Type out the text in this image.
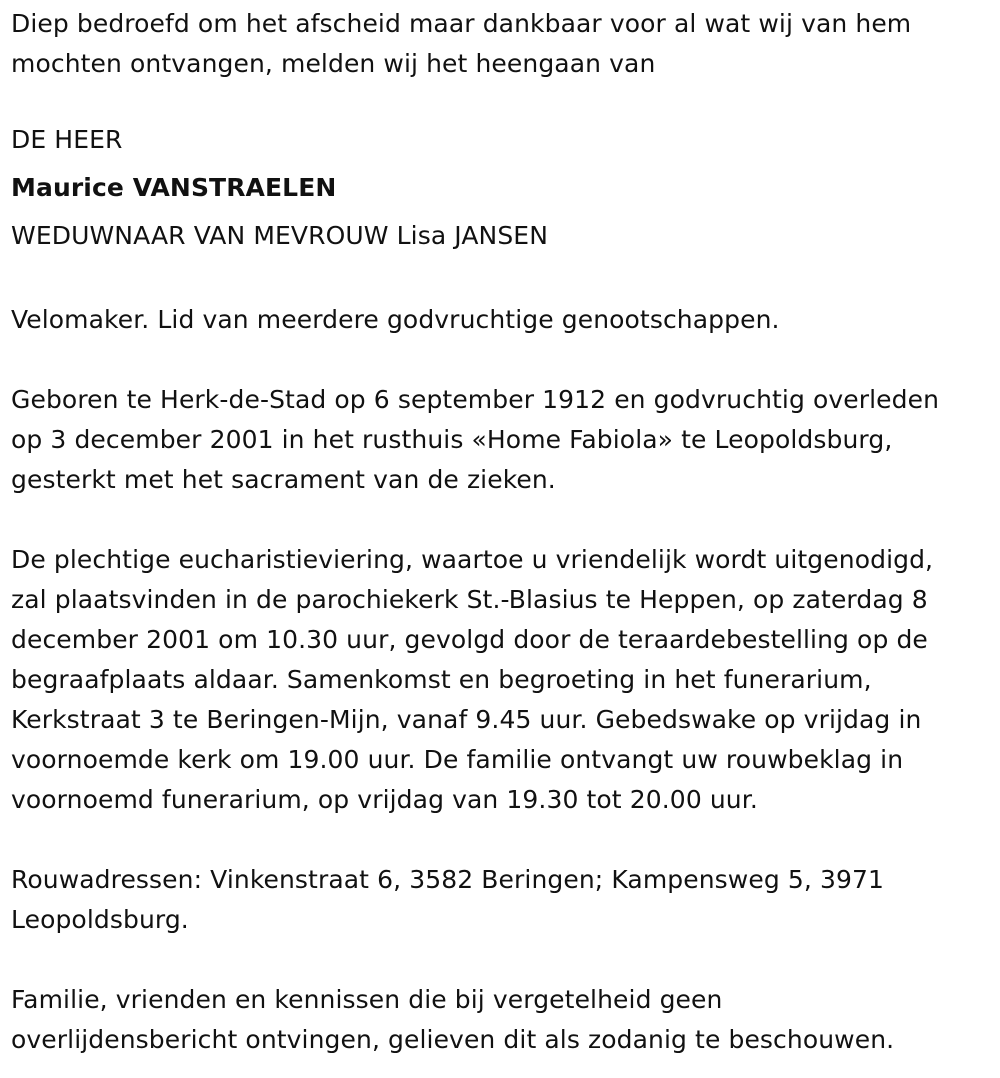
Diep bedroefd om het afscheid maar dankbaar voor al wat wij van hem
mochten ontvangen, melden wij het heengaan van

DE HEER

Maurice VANSTRAELEN

WEDUWNAAR VAN MEVROUW Lisa JANSEN

Velomaker. Lid van meerdere godvruchtige genootschappen.

Geboren te Herk-de-Stad op 6 september 1912 en godvruchtig overleden
op 3 december 2001 in het rusthuis «Home Fabiola» te Leopoldsburg,
gesterkt met het sacrament van de zieken.

De plechtige eucharistieviering, waartoe u vriendelijk wordt uitgenodigd,
zal plaatsvinden in de parochiekerk St.-Blasius te Heppen, op zaterdag 8
december 2001 om 10.30 uur, gevolgd door de teraardebestelling op de
begraafplaats aldaar. Samenkomst en begroeting in het funerarium,
Kerkstraat 3 te Beringen-Mijn, vanaf 9.45 uur. Gebedswake op vrijdag in
voornoemde kerk om 19.00 uur. De familie ontvangt uw rouwbeklag in
voornoemd funerarium, op vrijdag van 19.30 tot 20.00 uur.

Rouwadressen: Vinkenstraat 6, 3582 Beringen; Kampensweg 5, 3971
Leopoldsburg.

Familie, vrienden en kennissen die bij vergetelheid geen
overlijdensbericht ontvingen, gelieven dit als zodanig te beschouwen.
